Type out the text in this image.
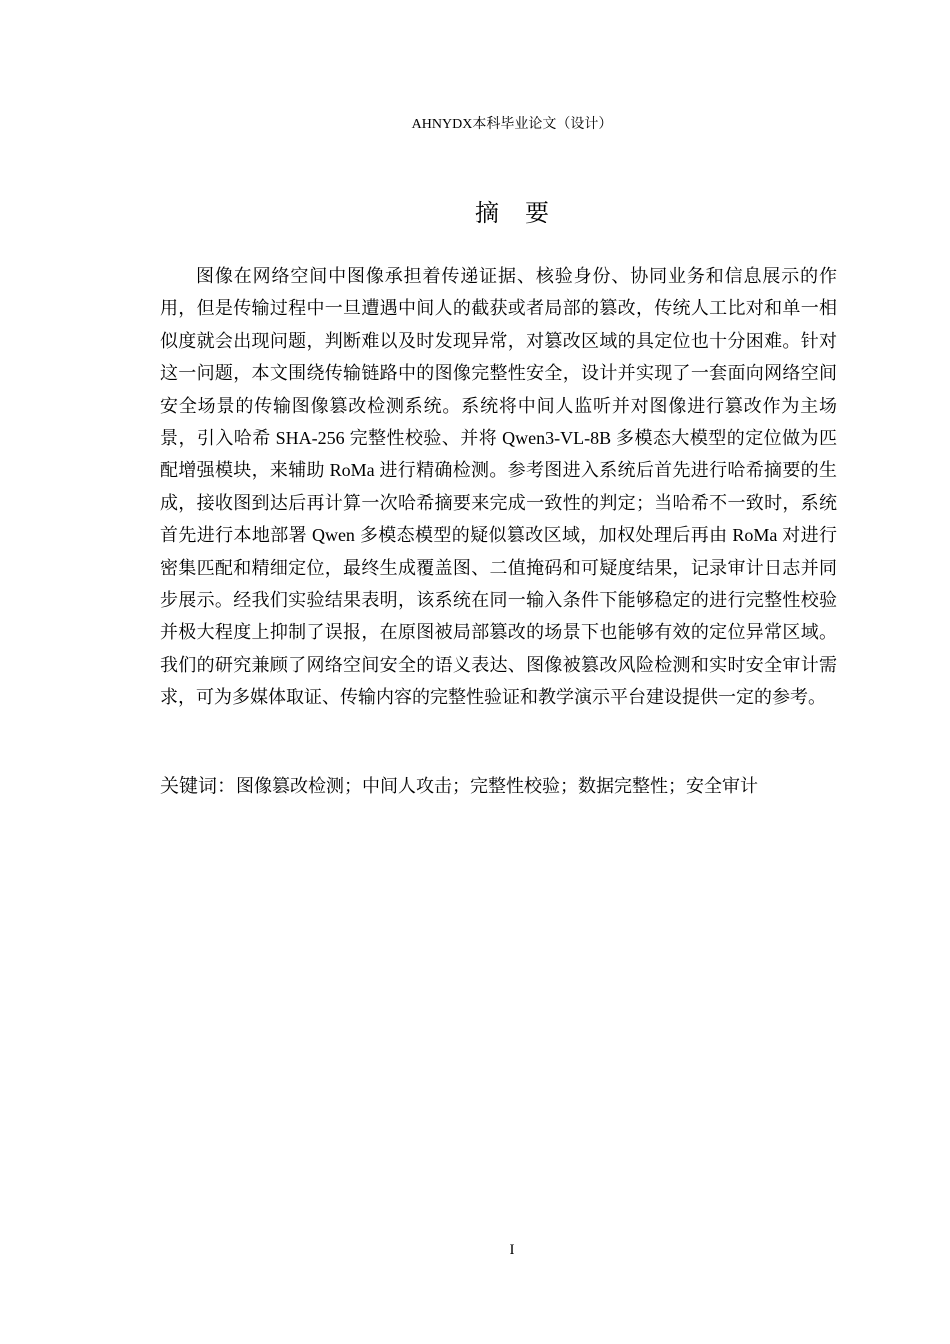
AHNYDX本科毕业论文（设计）
摘 要

图像在网络空间中图像承担着传递证据、核验身份、协同业务和信息展示的作用，但是传输过程中一旦遭遇中间人的截获或者局部的篡改，传统人工比对和单一相似度就会出现问题，判断难以及时发现异常，对篡改区域的具定位也十分困难。针对这一问题，本文围绕传输链路中的图像完整性安全，设计并实现了一套面向网络空间安全场景的传输图像篡改检测系统。系统将中间人监听并对图像进行篡改作为主场景，引入哈希 SHA-256 完整性校验、并将 Qwen3-VL-8B 多模态大模型的定位做为匹配增强模块，来辅助 RoMa 进行精确检测。参考图进入系统后首先进行哈希摘要的生成，接收图到达后再计算一次哈希摘要来完成一致性的判定；当哈希不一致时，系统首先进行本地部署 Qwen 多模态模型的疑似篡改区域，加权处理后再由 RoMa 对进行密集匹配和精细定位，最终生成覆盖图、二值掩码和可疑度结果，记录审计日志并同步展示。经我们实验结果表明，该系统在同一输入条件下能够稳定的进行完整性校验并极大程度上抑制了误报，在原图被局部篡改的场景下也能够有效的定位异常区域。我们的研究兼顾了网络空间安全的语义表达、图像被篡改风险检测和实时安全审计需求，可为多媒体取证、传输内容的完整性验证和教学演示平台建设提供一定的参考。

关键词：图像篡改检测；中间人攻击；完整性校验；数据完整性；安全审计
I
